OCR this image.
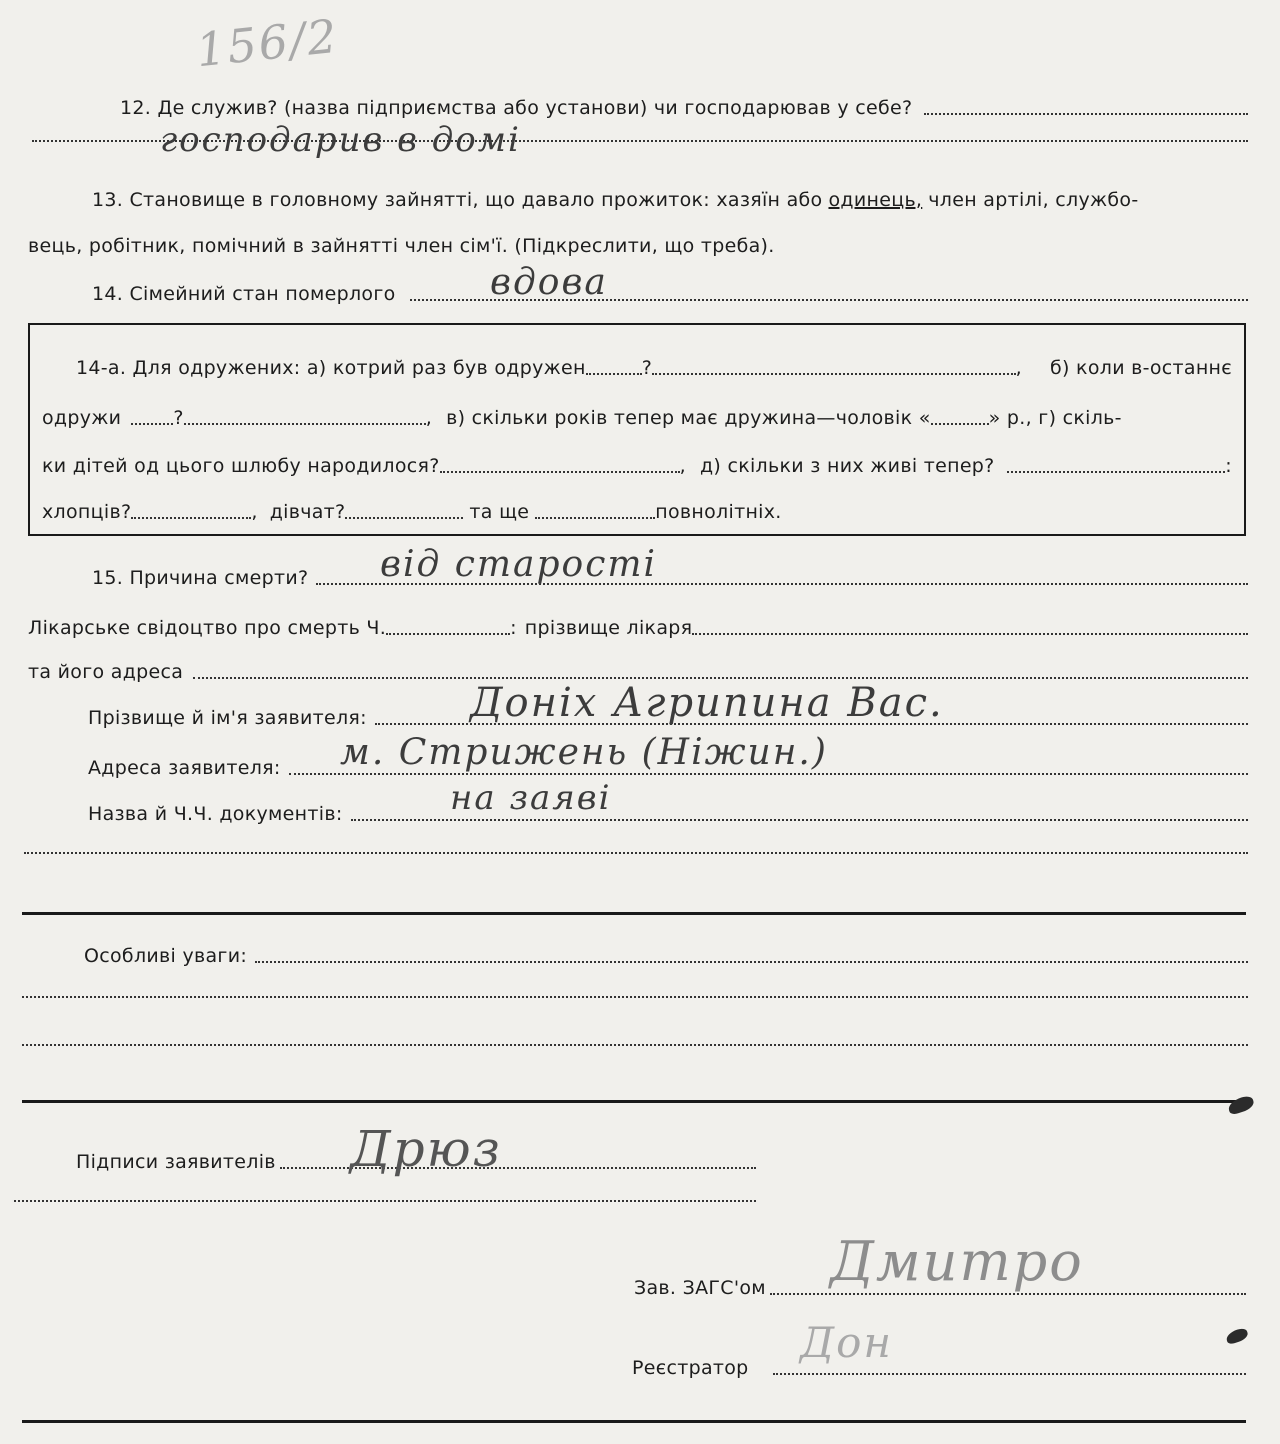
156/2
12. Де служив? (назва підприємства або установи) чи господарював у себе?
господарив в домі
13. Становище в головному зайнятті, що давало прожиток: хазяїн або одинець, член артілі, службо-
вець, робітник, помічний в зайнятті член сім'ї. (Підкреслити, що треба).
14. Сімейний стан померлого	вдова
14-а. Для одружених: а) котрий раз був одружен	?	, б) коли в-останнє
одружи	?	, в) скільки років тепер має дружина—чоловік «	» р., г) скіль-
ки дітей од цього шлюбу народилося?	, д) скільки з них живі тепер?	:
хлопців?	, дівчат?	та ще	повнолітніх.
15. Причина смерти? від старості
Лікарське свідоцтво про смерть Ч.	: прізвище лікаря
та його адреса
Прізвище й ім'я заявителя:	Доніх Агрипина Вас.
Адреса заявителя: м. Стрижень (Ніжин.)
Назва й Ч.Ч. документів:	на заяві
Особливі уваги:
Підписи заявителів Дрюз
Зав. ЗАГС'ом Дмитро
Реєстратор
Дон
